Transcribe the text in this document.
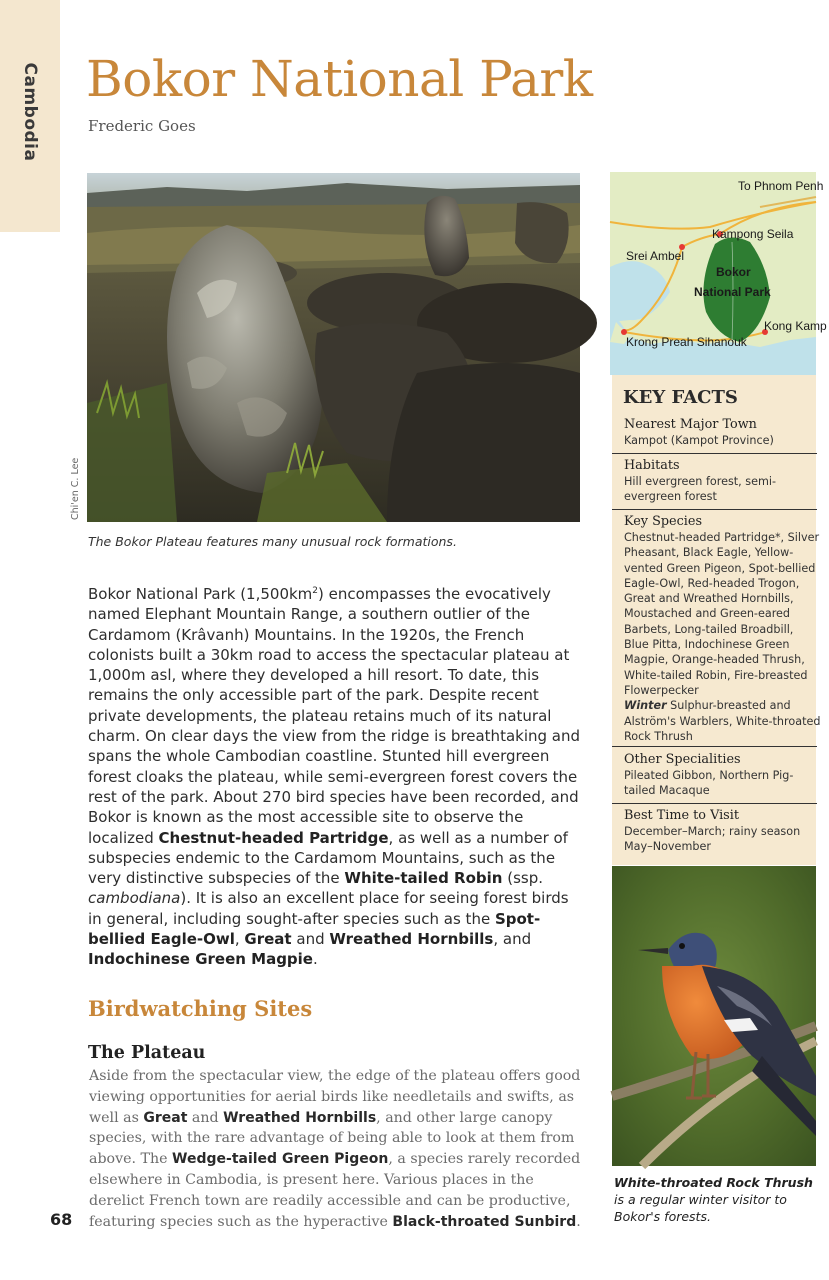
Cambodia Bokor National Park
Frederic Goes
Chi'en C. Lee
The Bokor Plateau features many unusual rock formations.
Bokor National Park $(1,500km^2)$ encompasses the evocatively named Elephant Mountain Range, a southern outlier of the Cardamom (Krâvanh) Mountains. In the 1920s, the French colonists built a 30km road to access the spectacular plateau at 1,000m asl, where they developed a hill resort. To date, this remains the only accessible part of the park. Despite recent private developments, the plateau retains much of its natural charm. On clear days the view from the ridge is breathtaking and spans the whole Cambodian coastline. Stunted hill evergreen forest cloaks the plateau, while semi-evergreen forest covers the rest of the park. About 270 bird species have been recorded, and Bokor is known as the most accessible site to observe the localized Chestnut-headed Partridge, as well as a number of subspecies endemic to the Cardamom Mountains, such as the very distinctive subspecies of the White-tailed Robin (ssp. cambodiana). It is also an excellent place for seeing forest birds in general, including sought-after species such as the Spot-bellied Eagle-Owl, Great and Wreathed Hornbills, and Indochinese Green Magpie.
Birdwatching Sites
The Plateau
Aside from the spectacular view, the edge of the plateau offers good viewing opportunities for aerial birds like needletails and swifts, as well as Great and Wreathed Hornbills, and other large canopy species, with the rare advantage of being able to look at them from above. The Wedge-tailed Green Pigeon, a species rarely recorded elsewhere in Cambodia, is present here. Various places in the derelict French town are readily accessible and can be productive, featuring species such as the hyperactive Black-throated Sunbird.
68
To Phnom Penh
Kampong Seila
Srei Ambel
Bokor
National Park
Kong Kamp
Krong Preah Sihanouk
KEY FACTS
Nearest Major Town
Kampot (Kampot Province)
Habitats
Hill evergreen forest, semi-
evergreen forest
Key Species
Chestnut-headed Partridge*, Silver
Pheasant, Black Eagle, Yellow-
vented Green Pigeon, Spot-bellied
Eagle-Owl, Red-headed Trogon,
Great and Wreathed Hornbills,
Moustached and Green-eared
Barbets, Long-tailed Broadbill,
Blue Pitta, Indochinese Green
Magpie, Orange-headed Thrush,
White-tailed Robin, Fire-breasted
Flowerpecker
Winter Sulphur-breasted and
Alström's Warblers, White-throated
Rock Thrush
Other Specialities
Pileated Gibbon, Northern Pig-
tailed Macaque
Best Time to Visit
December–March; rainy season
May–November
White-throated Rock Thrush is a regular winter visitor to Bokor's forests.
